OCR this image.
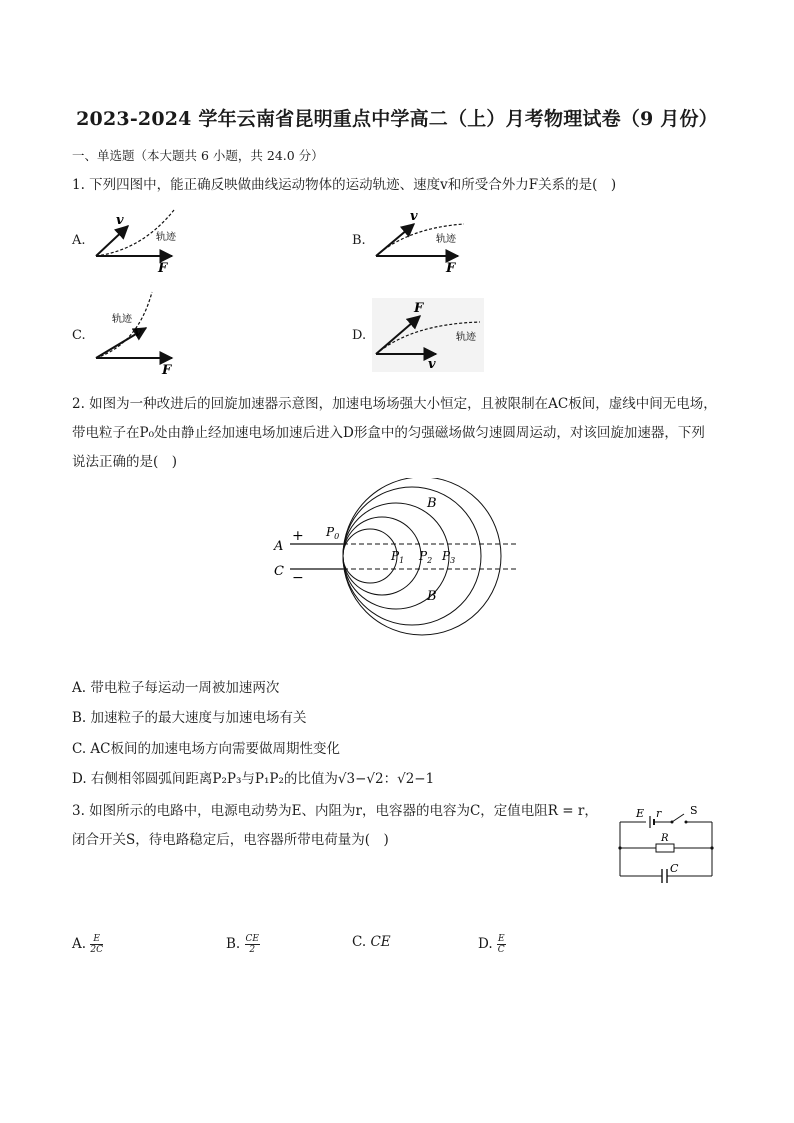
2023-2024 学年云南省昆明重点中学高二（上）月考物理试卷（9 月份）
一、单选题（本大题共 6 小题，共 24.0 分）
1. 下列四图中，能正确反映做曲线运动物体的运动轨迹、速度v和所受合外力F关系的是(　)
A.
v
轨迹
F
B.
v
轨迹
F
C.
轨迹
v
F
D.
F
轨迹
v
2. 如图为一种改进后的回旋加速器示意图，加速电场场强大小恒定，且被限制在AC板间，虚线中间无电场，
带电粒子在P₀处由静止经加速电场加速后进入D形盒中的匀强磁场做匀速圆周运动，对该回旋加速器，下列
说法正确的是(　)
A
C
+
−
$P_0$
$P_1$ $P_2$ $P_3$
B
B
A. 带电粒子每运动一周被加速两次
B. 加速粒子的最大速度与加速电场有关
C. AC板间的加速电场方向需要做周期性变化
D. 右侧相邻圆弧间距离P₂P₃与P₁P₂的比值为√3−√2：√2−1
3. 如图所示的电路中，电源电动势为E、内阻为r，电容器的电容为C，定值电阻R = r，
闭合开关S，待电路稳定后，电容器所带电荷量为(　)
E r	S
R
C
A. $\frac{E}{2C}$	B. $\frac{CE}{2}$	C. CE	D. $\frac{E}{C}$
